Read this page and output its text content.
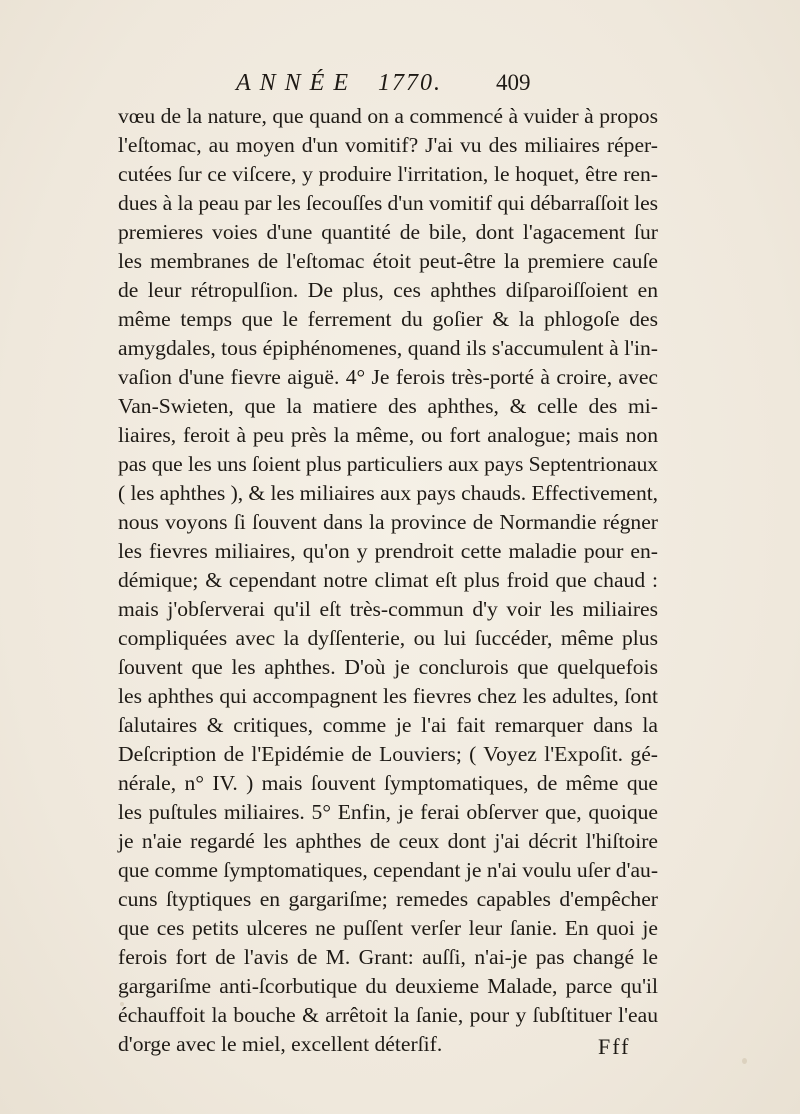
ANNÉE 1770. 409
vœu de la nature, que quand on a commencé à vuider à propos
l'eſtomac, au moyen d'un vomitif? J'ai vu des miliaires réper-
cutées ſur ce viſcere, y produire l'irritation, le hoquet, être ren-
dues à la peau par les ſecouſſes d'un vomitif qui débarraſſoit les
premieres voies d'une quantité de bile, dont l'agacement ſur
les membranes de l'eſtomac étoit peut-être la premiere cauſe
de leur rétropulſion. De plus, ces aphthes diſparoiſſoient en
même temps que le ferrement du goſier & la phlogoſe des
amygdales, tous épiphénomenes, quand ils s'accumulent à l'in-
vaſion d'une fievre aiguë. 4° Je ferois très-porté à croire, avec
Van-Swieten, que la matiere des aphthes, & celle des mi-
liaires, feroit à peu près la même, ou fort analogue; mais non
pas que les uns ſoient plus particuliers aux pays Septentrionaux
( les aphthes ), & les miliaires aux pays chauds. Effectivement,
nous voyons ſi ſouvent dans la province de Normandie régner
les fievres miliaires, qu'on y prendroit cette maladie pour en-
démique; & cependant notre climat eſt plus froid que chaud :
mais j'obſerverai qu'il eſt très-commun d'y voir les miliaires
compliquées avec la dyſſenterie, ou lui ſuccéder, même plus
ſouvent que les aphthes. D'où je conclurois que quelquefois
les aphthes qui accompagnent les fievres chez les adultes, ſont
ſalutaires & critiques, comme je l'ai fait remarquer dans la
Deſcription de l'Epidémie de Louviers; ( Voyez l'Expoſit. gé-
nérale, n° IV. ) mais ſouvent ſymptomatiques, de même que
les puſtules miliaires. 5° Enfin, je ferai obſerver que, quoique
je n'aie regardé les aphthes de ceux dont j'ai décrit l'hiſtoire
que comme ſymptomatiques, cependant je n'ai voulu uſer d'au-
cuns ſtyptiques en gargariſme; remedes capables d'empêcher
que ces petits ulceres ne puſſent verſer leur ſanie. En quoi je
ferois fort de l'avis de M. Grant: auſſi, n'ai-je pas changé le
gargariſme anti-ſcorbutique du deuxieme Malade, parce qu'il
échauffoit la bouche & arrêtoit la ſanie, pour y ſubſtituer l'eau
d'orge avec le miel, excellent déterſif.	Fff
